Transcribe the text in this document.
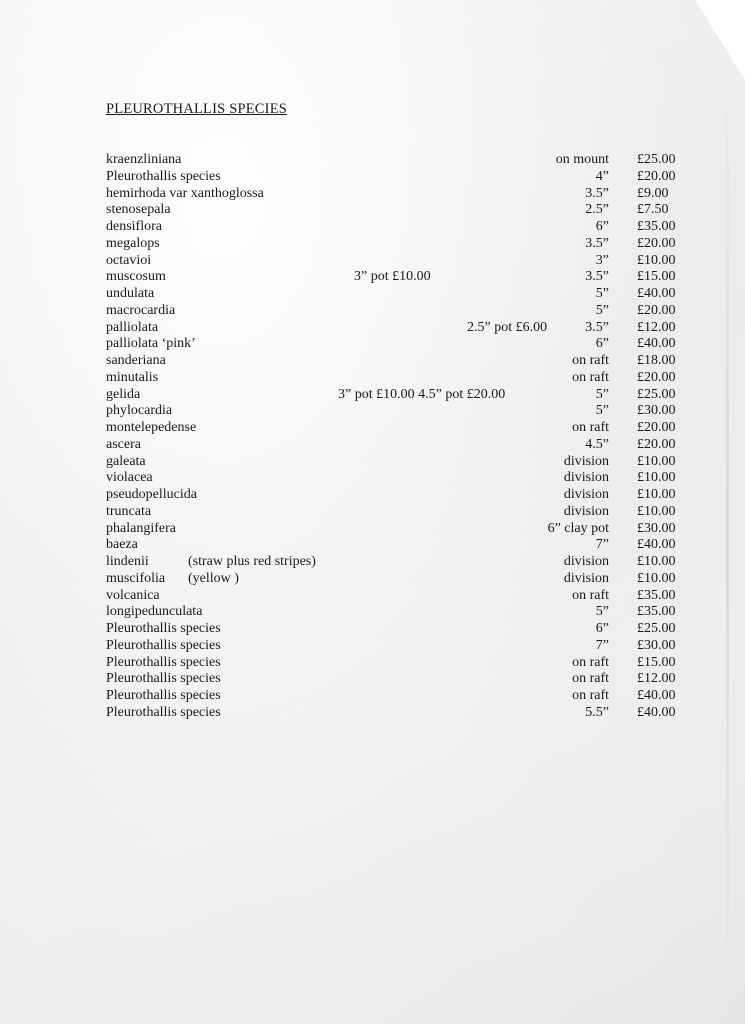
PLEUROTHALLIS SPECIES
kraenzliniana	on mount £25.00
Pleurothallis species	4” £20.00
hemirhoda var xanthoglossa	3.5” £9.00
stenosepala	2.5” £7.50
densiflora	6” £35.00
megalops	3.5” £20.00
octavioi	3” £10.00
muscosum	3” pot £10.00	3.5” £15.00
undulata	5” £40.00
macrocardia	5” £20.00
palliolata	2.5” pot £6.00	3.5” £12.00
palliolata ‘pink’	6” £40.00
sanderiana	on raft £18.00
minutalis	on raft £20.00
gelida	3” pot £10.00 4.5” pot £20.00	5” £25.00
phylocardia	5” £30.00
montelepedense	on raft £20.00
ascera	4.5” £20.00
galeata	division £10.00
violacea	division £10.00
pseudopellucida	division £10.00
truncata	division £10.00
phalangifera	6” clay pot £30.00
baeza	7” £40.00
lindenii	(straw plus red stripes)	division £10.00
muscifolia (yellow )	division £10.00
volcanica	on raft £35.00
longipedunculata	5” £35.00
Pleurothallis species	6” £25.00
Pleurothallis species	7” £30.00
Pleurothallis species	on raft £15.00
Pleurothallis species	on raft £12.00
Pleurothallis species	on raft £40.00
Pleurothallis species	5.5” £40.00
